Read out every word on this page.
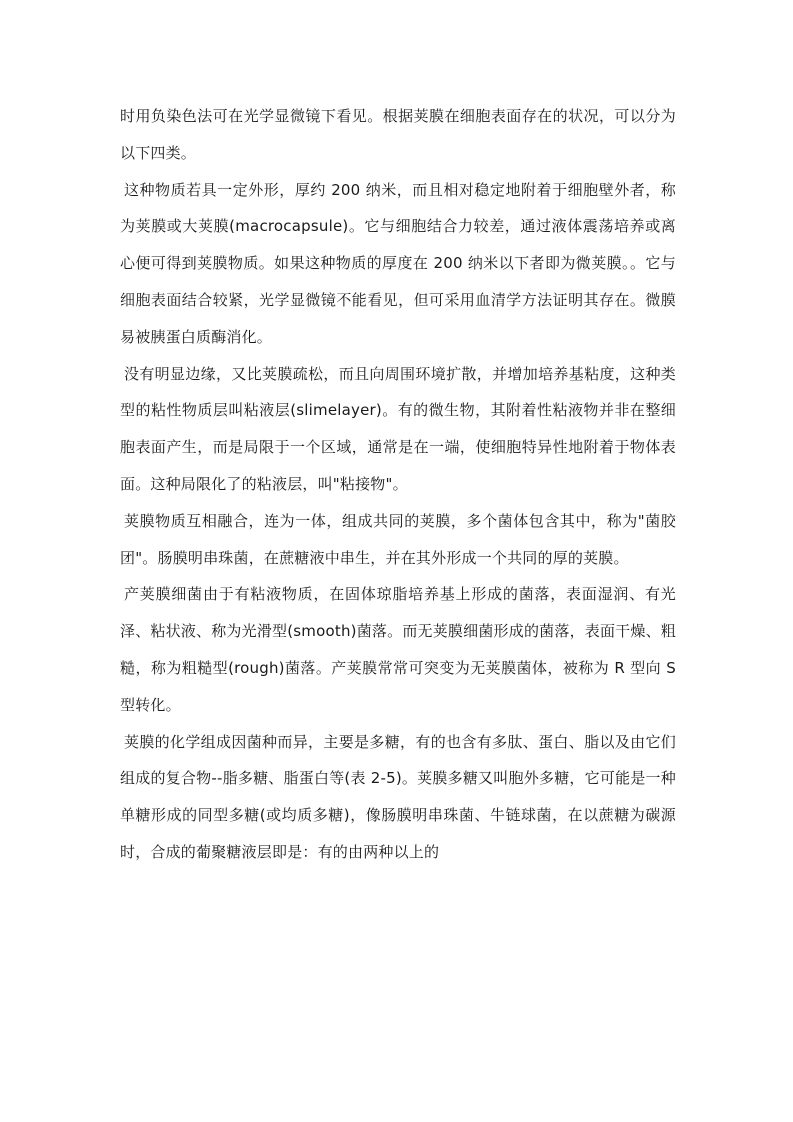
时用负染色法可在光学显微镜下看见。根据荚膜在细胞表面存在的状况，可以分为以下四类。

这种物质若具一定外形，厚约 200 纳米，而且相对稳定地附着于细胞壁外者，称为荚膜或大荚膜(macrocapsule)。它与细胞结合力较差，通过液体震荡培养或离心便可得到荚膜物质。如果这种物质的厚度在 200 纳米以下者即为微荚膜。。它与细胞表面结合较紧，光学显微镜不能看见，但可采用血清学方法证明其存在。微膜易被胰蛋白质酶消化。

没有明显边缘，又比荚膜疏松，而且向周围环境扩散，并增加培养基粘度，这种类型的粘性物质层叫粘液层(slimelayer)。有的微生物，其附着性粘液物并非在整细胞表面产生，而是局限于一个区域，通常是在一端，使细胞特异性地附着于物体表面。这种局限化了的粘液层，叫"粘接物"。

荚膜物质互相融合，连为一体，组成共同的荚膜，多个菌体包含其中，称为"菌胶团"。肠膜明串珠菌，在蔗糖液中串生，并在其外形成一个共同的厚的荚膜。

产荚膜细菌由于有粘液物质，在固体琼脂培养基上形成的菌落，表面湿润、有光泽、粘状液、称为光滑型(smooth)菌落。而无荚膜细菌形成的菌落，表面干燥、粗糙，称为粗糙型(rough)菌落。产荚膜常常可突变为无荚膜菌体，被称为 R 型向 S 型转化。

荚膜的化学组成因菌种而异，主要是多糖，有的也含有多肽、蛋白、脂以及由它们组成的复合物--脂多糖、脂蛋白等(表 2-5)。荚膜多糖又叫胞外多糖，它可能是一种单糖形成的同型多糖(或均质多糖)，像肠膜明串珠菌、牛链球菌，在以蔗糖为碳源时，合成的葡聚糖液层即是：有的由两种以上的
